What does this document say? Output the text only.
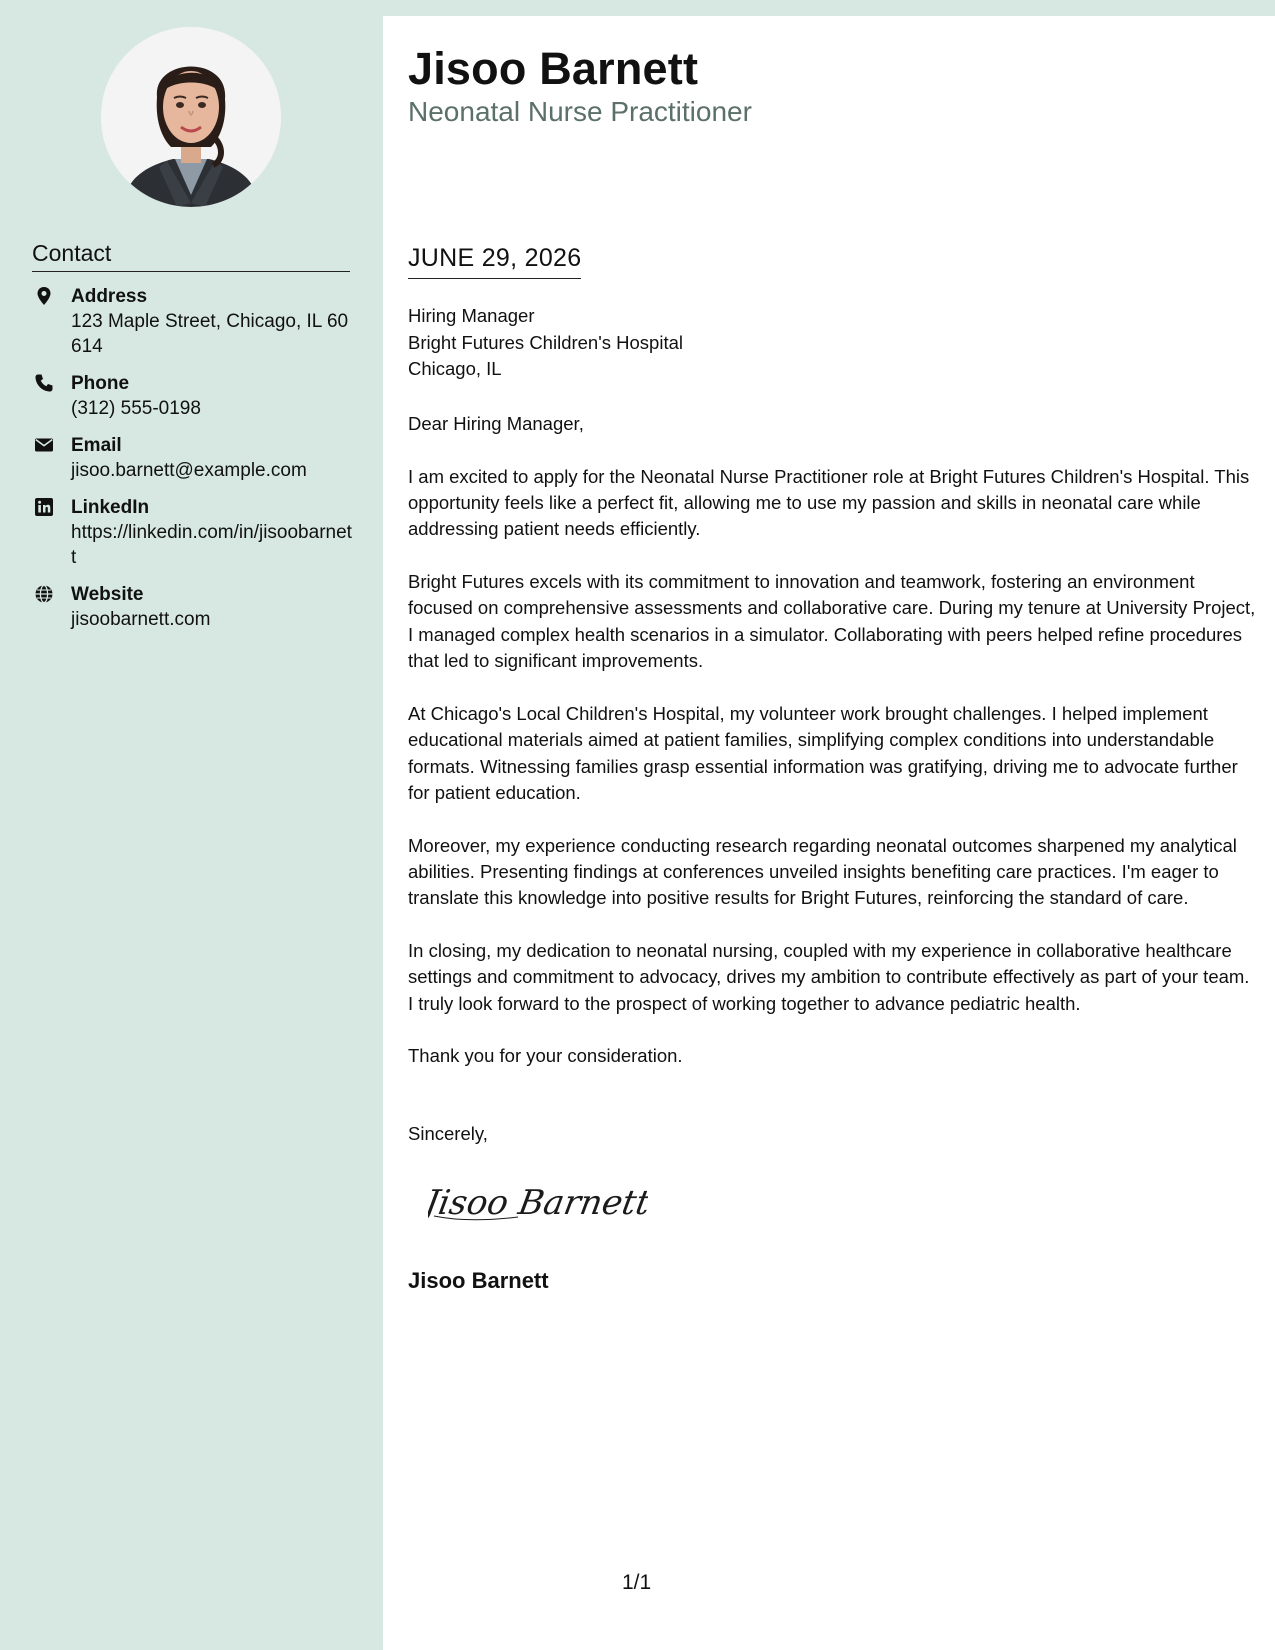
Contact
Address
123 Maple Street, Chicago, IL 60614
Phone
(312) 555-0198
Email
jisoo.barnett@example.com
LinkedIn
https://linkedin.com/in/jisoobarnett
Website
jisoobarnett.com
Jisoo Barnett
Neonatal Nurse Practitioner
JUNE 29, 2026
Hiring Manager
Bright Futures Children's Hospital
Chicago, IL
Dear Hiring Manager,

I am excited to apply for the Neonatal Nurse Practitioner role at Bright Futures Children's Hospital. This opportunity feels like a perfect fit, allowing me to use my passion and skills in neonatal care while addressing patient needs efficiently.

Bright Futures excels with its commitment to innovation and teamwork, fostering an environment focused on comprehensive assessments and collaborative care. During my tenure at University Project, I managed complex health scenarios in a simulator. Collaborating with peers helped refine procedures that led to significant improvements.

At Chicago's Local Children's Hospital, my volunteer work brought challenges. I helped implement educational materials aimed at patient families, simplifying complex conditions into understandable formats. Witnessing families grasp essential information was gratifying, driving me to advocate further for patient education.

Moreover, my experience conducting research regarding neonatal outcomes sharpened my analytical abilities. Presenting findings at conferences unveiled insights benefiting care practices. I'm eager to translate this knowledge into positive results for Bright Futures, reinforcing the standard of care.

In closing, my dedication to neonatal nursing, coupled with my experience in collaborative healthcare settings and commitment to advocacy, drives my ambition to contribute effectively as part of your team. I truly look forward to the prospect of working together to advance pediatric health.

Thank you for your consideration.

Sincerely,
Jisoo Barnett
Jisoo Barnett
1/1
